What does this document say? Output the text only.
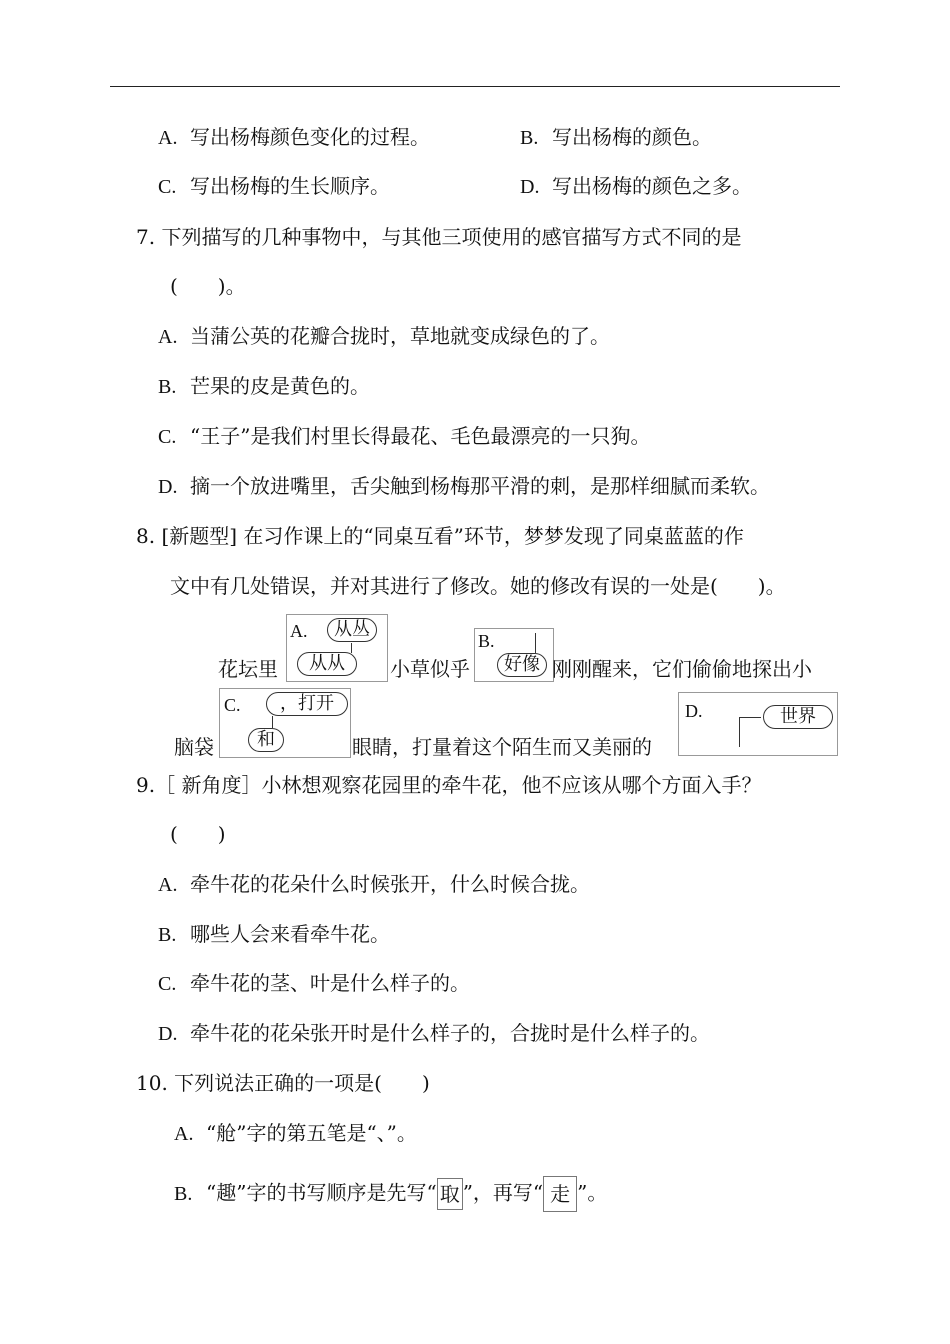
A. 写出杨梅颜色变化的过程。	B. 写出杨梅的颜色。
C. 写出杨梅的生长顺序。	D. 写出杨梅的颜色之多。
7. 下列描写的几种事物中，与其他三项使用的感官描写方式不同的是
(　　)。
A. 当蒲公英的花瓣合拢时，草地就变成绿色的了。
B. 芒果的皮是黄色的。
C. “王子”是我们村里长得最花、毛色最漂亮的一只狗。
D. 摘一个放进嘴里，舌尖触到杨梅那平滑的刺，是那样细腻而柔软。
8. [新题型] 在习作课上的“同桌互看”环节，梦梦发现了同桌蓝蓝的作
文中有几处错误，并对其进行了修改。她的修改有误的一处是(　　)。
花坛里
A.	从丛
从从	小草似乎
B.
好像 刚刚醒来，它们偷偷地探出小
脑袋
C.	，打开
和	眼睛，打量着这个陌生而又美丽的
D.	世界
9.［ 新角度］小林想观察花园里的牵牛花，他不应该从哪个方面入手？
(　　)
A. 牵牛花的花朵什么时候张开，什么时候合拢。
B. 哪些人会来看牵牛花。
C. 牵牛花的茎、叶是什么样子的。
D. 牵牛花的花朵张开时是什么样子的，合拢时是什么样子的。
10. 下列说法正确的一项是(　　)
A. “舱”字的第五笔是“、”。
B. “趣”字的书写顺序是先写“ 取 ”，再写“ 走 ”。
